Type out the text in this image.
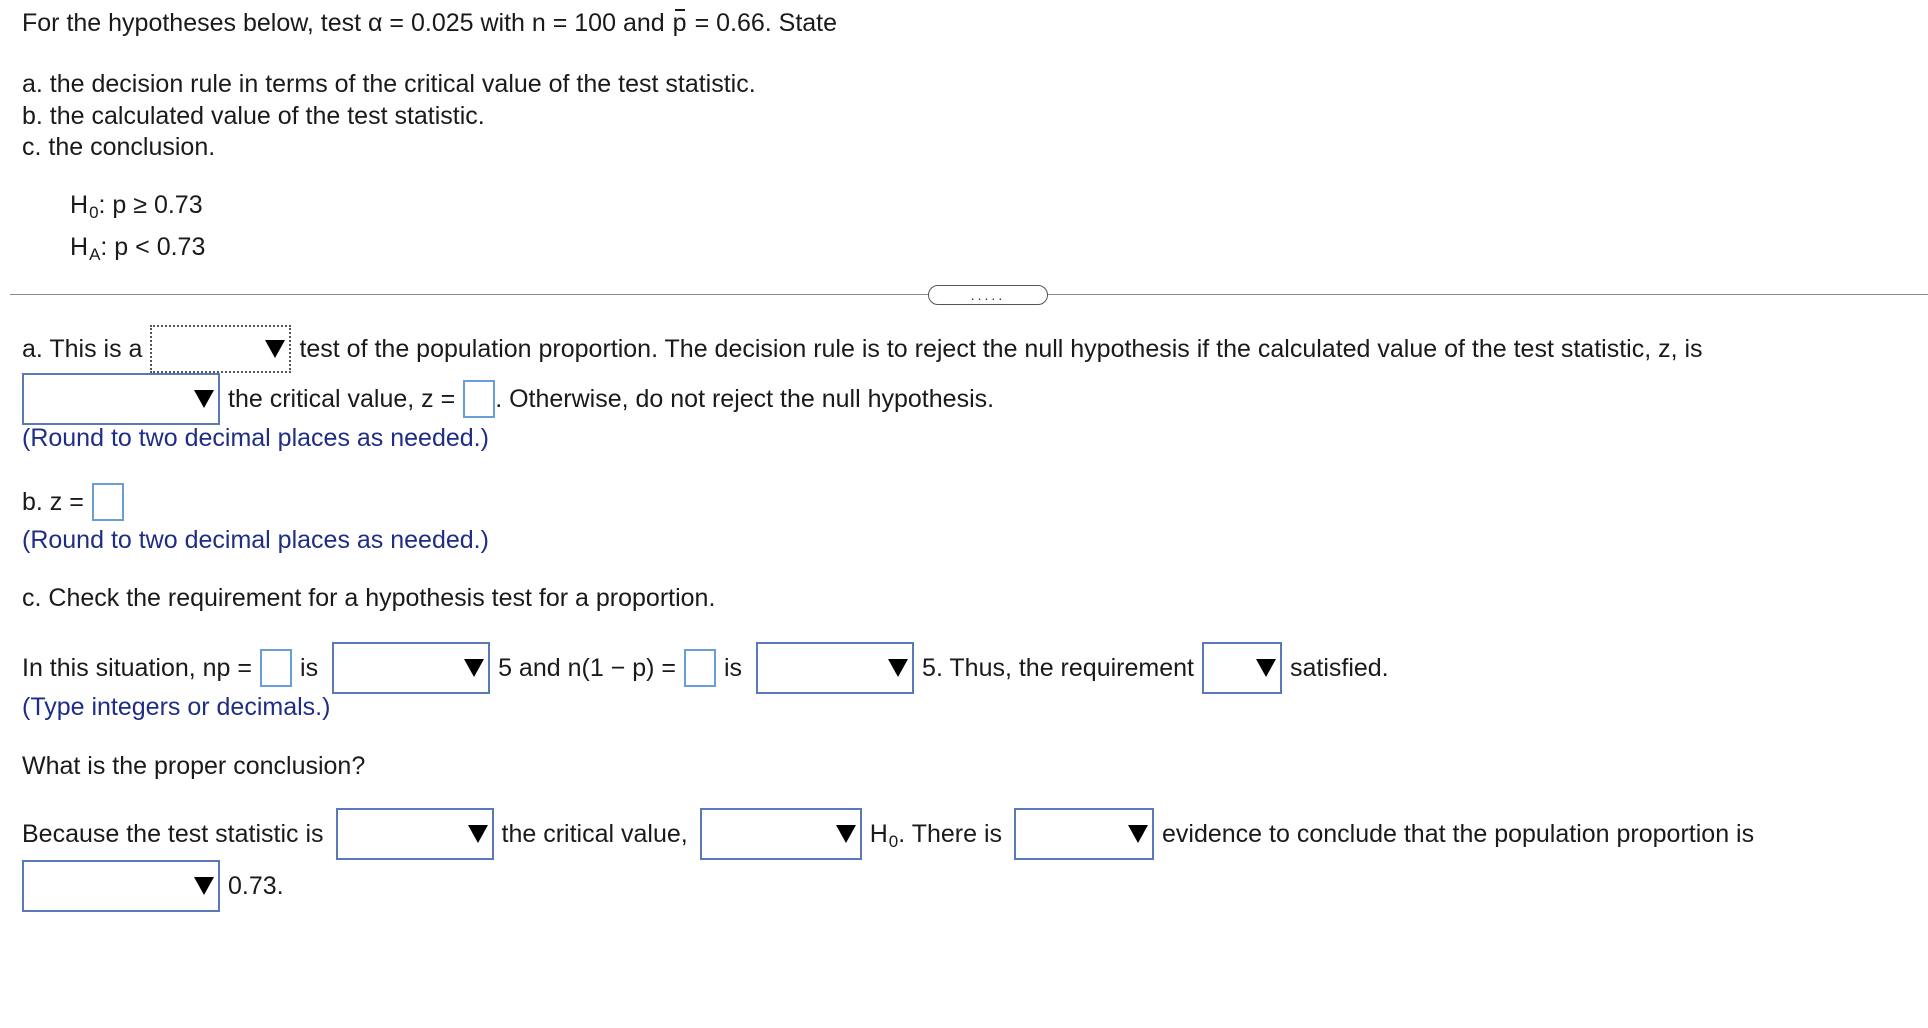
For the hypotheses below, test α = 0.025 with n = 100 and p = 0.66. State
a. the decision rule in terms of the critical value of the test statistic.
b. the calculated value of the test statistic.
c. the conclusion.
H 0 : p ≥ 0.73
H A : p < 0.73
.....
a. This is a	test of the population proportion. The decision rule is to reject the null hypothesis if the calculated value of the test statistic, z, is
the critical value, z = . Otherwise, do not reject the null hypothesis.
(Round to two decimal places as needed.)
b. z =
(Round to two decimal places as needed.)
c. Check the requirement for a hypothesis test for a proportion.
In this situation, np = is	5 and n(1 − p) = is	5. Thus, the requirement	satisfied.
(Type integers or decimals.)
What is the proper conclusion?
Because the test statistic is	the critical value,	H 0 . There is	evidence to conclude that the population proportion is
0.73.
